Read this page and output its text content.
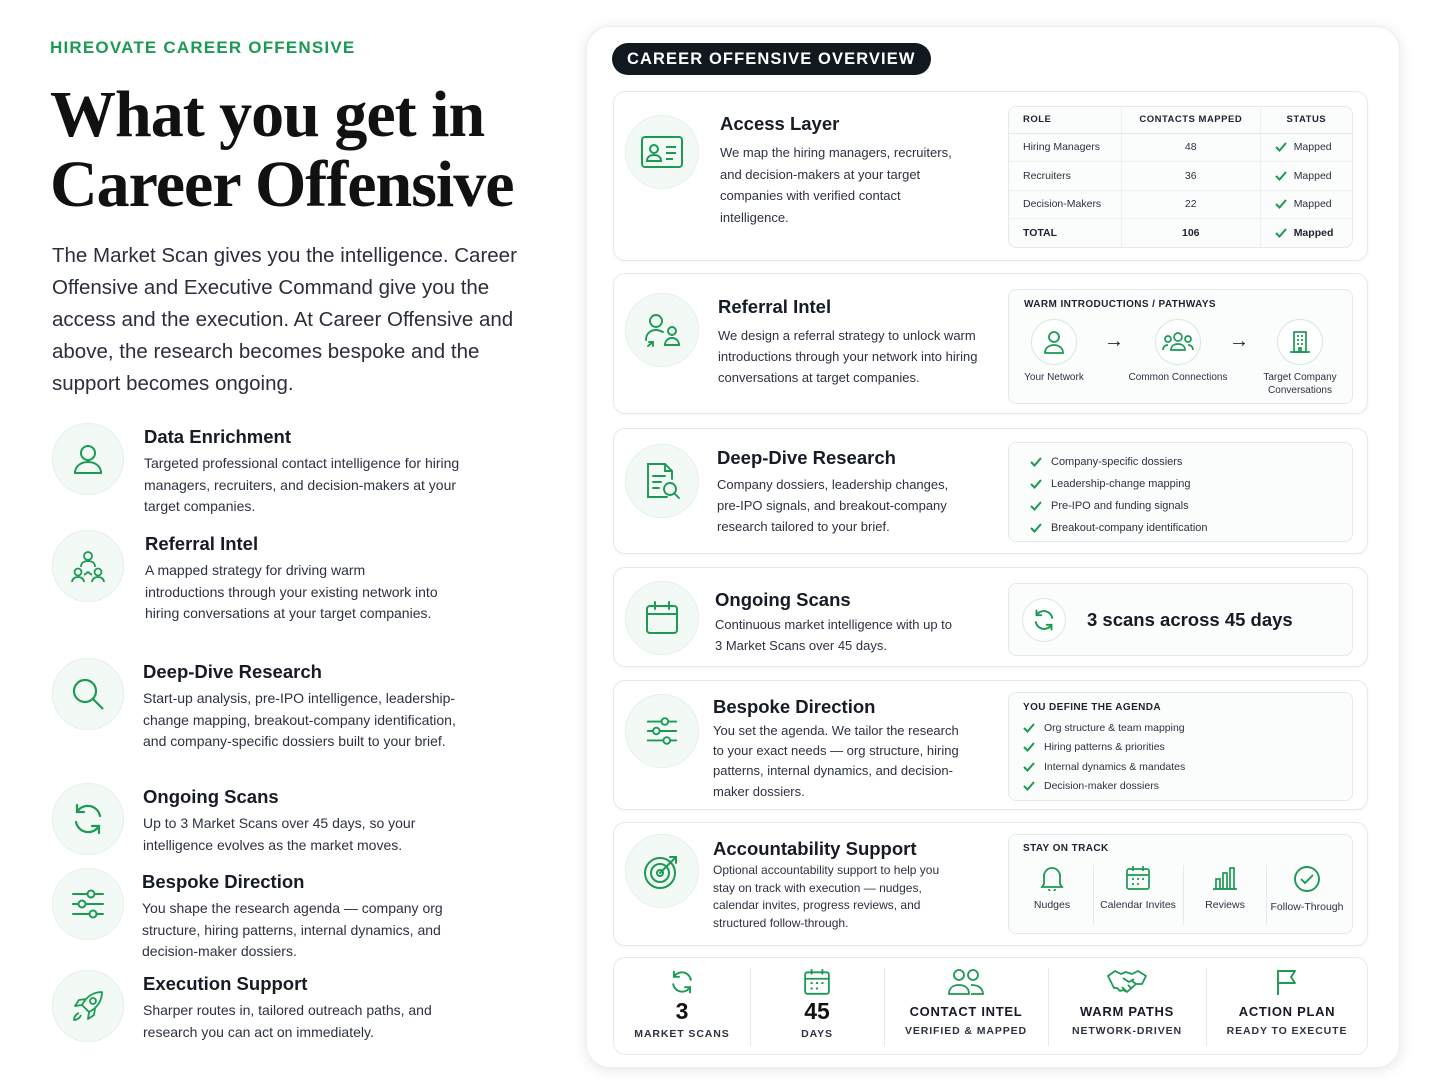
HIREOVATE CAREER OFFENSIVE
What you get in
Career Offensive
The Market Scan gives you the intelligence. Career Offensive and Executive Command give you the access and the execution. At Career Offensive and above, the research becomes bespoke and the support becomes ongoing.
Data Enrichment
Targeted professional contact intelligence for hiring managers, recruiters, and decision-makers at your target companies.
Referral Intel
A mapped strategy for driving warm introductions through your existing network into hiring conversations at your target companies.
Deep-Dive Research
Start-up analysis, pre-IPO intelligence, leadership-change mapping, breakout-company identification, and company-specific dossiers built to your brief.
Ongoing Scans
Up to 3 Market Scans over 45 days, so your intelligence evolves as the market moves.
Bespoke Direction
You shape the research agenda — company org structure, hiring patterns, internal dynamics, and decision-maker dossiers.
Execution Support
Sharper routes in, tailored outreach paths, and research you can act on immediately.
CAREER OFFENSIVE OVERVIEW
Access Layer
We map the hiring managers, recruiters, and decision-makers at your target companies with verified contact intelligence.
ROLE	CONTACTS MAPPED	STATUS
Hiring Managers	48	Mapped

Recruiters	36	Mapped

Decision-Makers	22	Mapped

TOTAL	106	Mapped
Referral Intel
We design a referral strategy to unlock warm introductions through your network into hiring conversations at target companies.
WARM INTRODUCTIONS / PATHWAYS
Your Network
→
Common Connections
→
Target Company Conversations
Deep-Dive Research
Company dossiers, leadership changes, pre-IPO signals, and breakout-company research tailored to your brief.
Company-specific dossiers
Leadership-change mapping
Pre-IPO and funding signals
Breakout-company identification
Ongoing Scans
Continuous market intelligence with up to 3 Market Scans over 45 days.
3 scans across 45 days
Bespoke Direction
You set the agenda. We tailor the research to your exact needs — org structure, hiring patterns, internal dynamics, and decision-maker dossiers.
YOU DEFINE THE AGENDA
Org structure & team mapping
Hiring patterns & priorities
Internal dynamics & mandates
Decision-maker dossiers
Accountability Support
Optional accountability support to help you stay on track with execution — nudges, calendar invites, progress reviews, and structured follow-through.
STAY ON TRACK
Nudges	Calendar Invites	Reviews	Follow-Through
3
MARKET SCANS
45
DAYS
CONTACT INTEL
VERIFIED & MAPPED
WARM PATHS
NETWORK-DRIVEN
ACTION PLAN
READY TO EXECUTE
